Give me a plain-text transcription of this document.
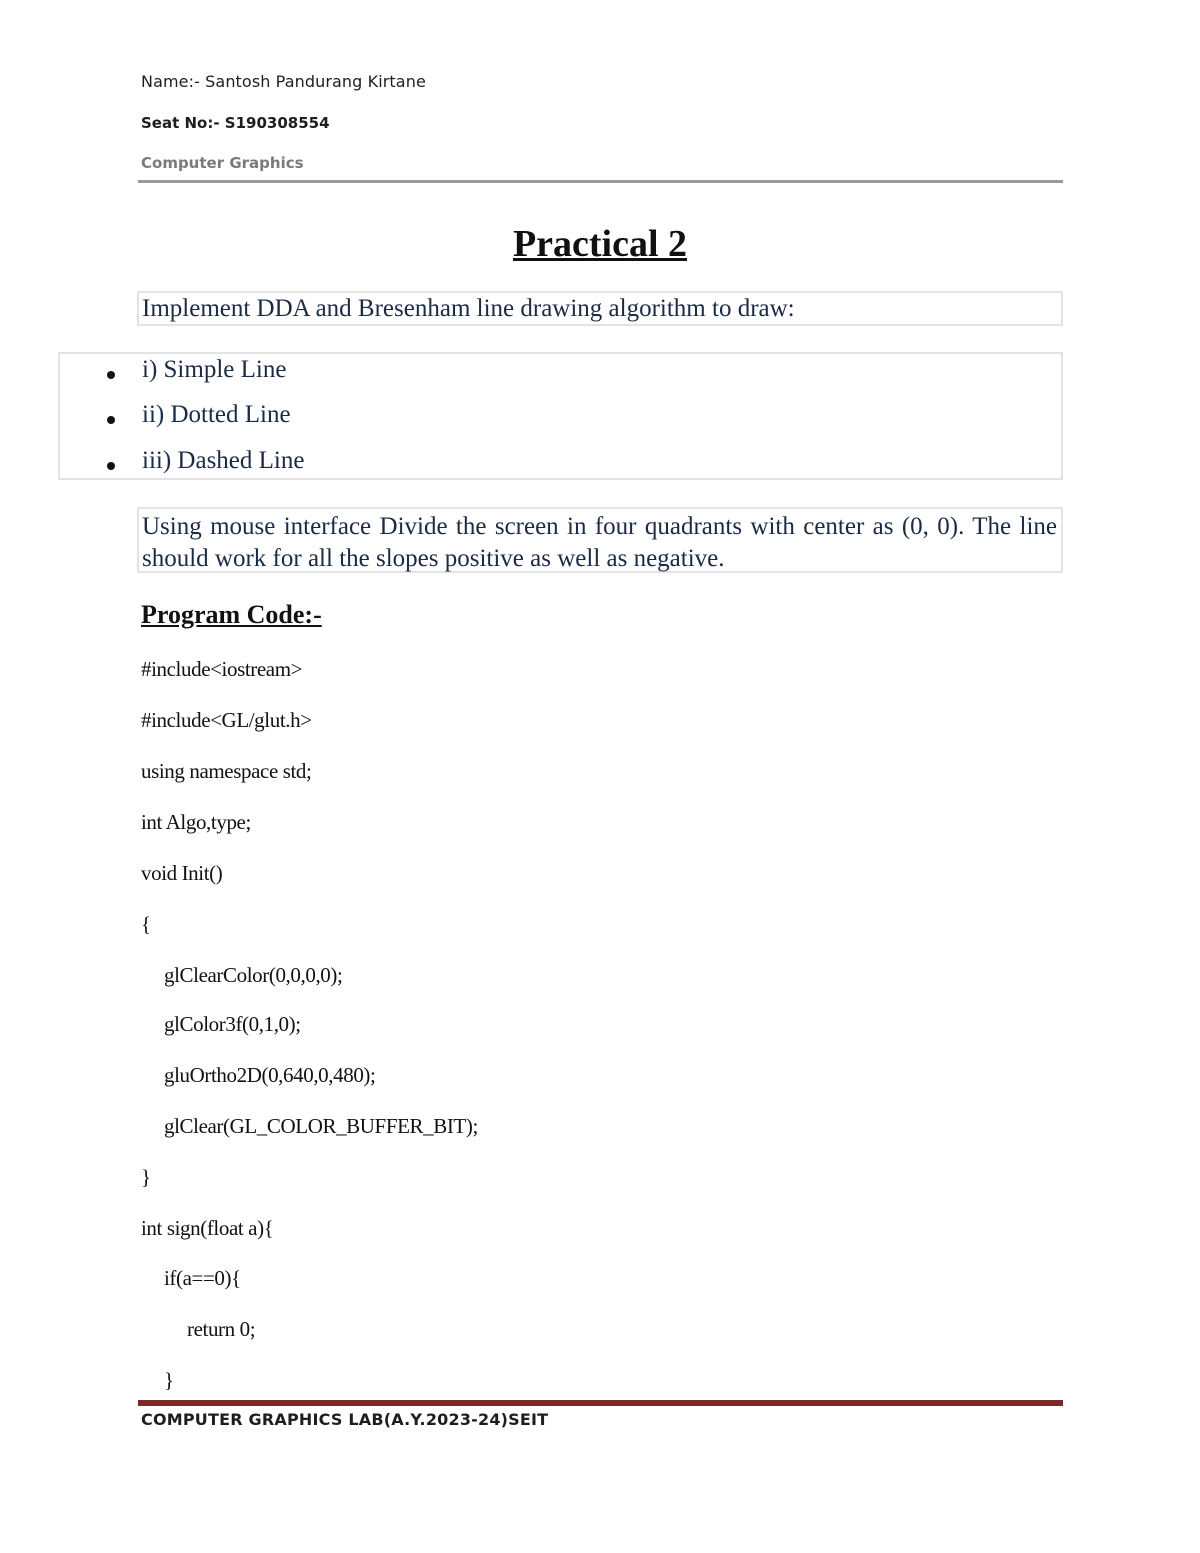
Name:- Santosh Pandurang Kirtane
Seat No:- S190308554
Computer Graphics
Practical 2
Implement DDA and Bresenham line drawing algorithm to draw:
i) Simple Line
ii) Dotted Line
iii) Dashed Line
Using mouse interface Divide the screen in four quadrants with center as (0, 0). The line should work for all the slopes positive as well as negative.
Program Code:-
#include<iostream>
#include<GL/glut.h>
using namespace std;
int Algo,type;
void Init()
{
glClearColor(0,0,0,0);
glColor3f(0,1,0);
gluOrtho2D(0,640,0,480);
glClear(GL_COLOR_BUFFER_BIT);
}
int sign(float a){
if(a==0){
return 0;
}
COMPUTER GRAPHICS LAB(A.Y.2023-24)SEIT
